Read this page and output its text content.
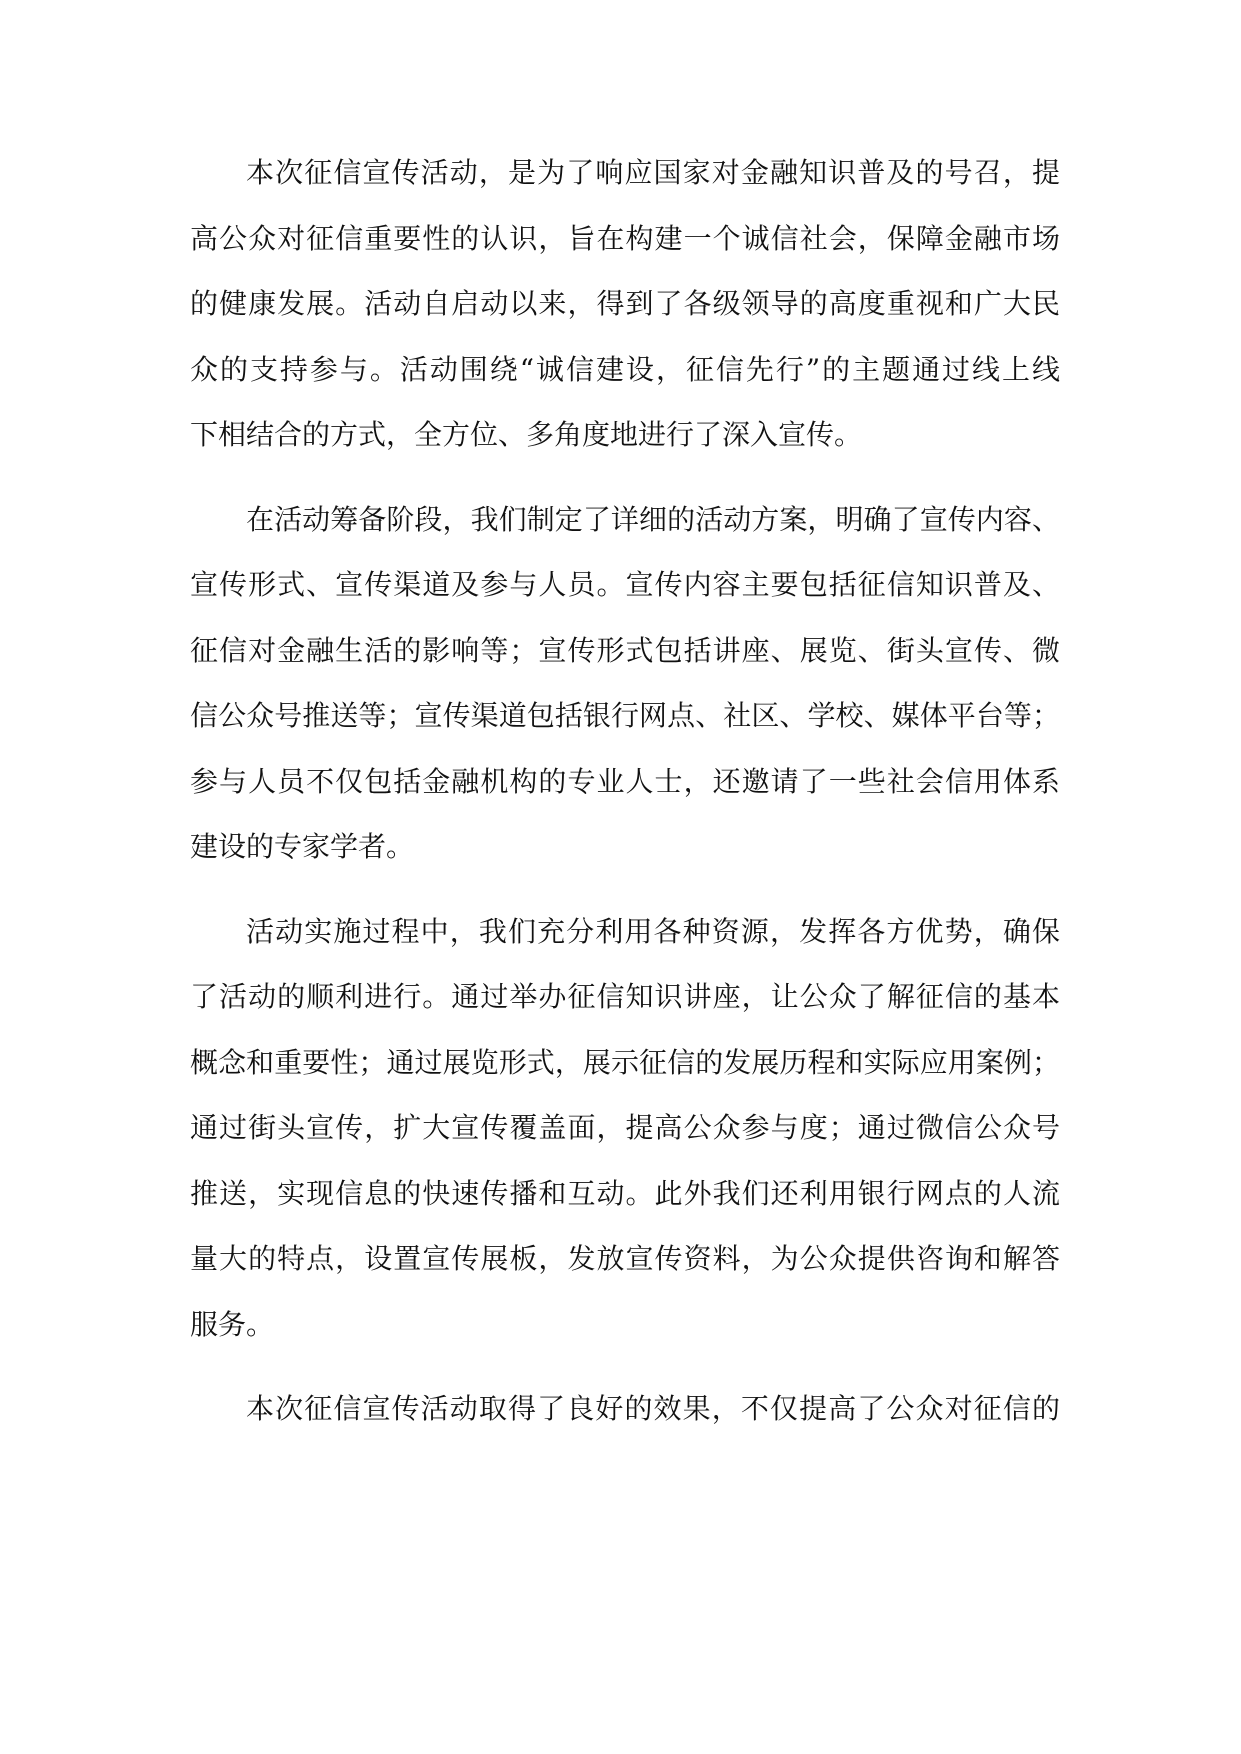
本次征信宣传活动，是为了响应国家对金融知识普及的号召，提
高公众对征信重要性的认识，旨在构建一个诚信社会，保障金融市场
的健康发展。活动自启动以来，得到了各级领导的高度重视和广大民
众的支持参与。活动围绕“诚信建设，征信先行”的主题通过线上线
下相结合的方式，全方位、多角度地进行了深入宣传。

在活动筹备阶段，我们制定了详细的活动方案，明确了宣传内容、
宣传形式、宣传渠道及参与人员。宣传内容主要包括征信知识普及、
征信对金融生活的影响等；宣传形式包括讲座、展览、街头宣传、微
信公众号推送等；宣传渠道包括银行网点、社区、学校、媒体平台等；
参与人员不仅包括金融机构的专业人士，还邀请了一些社会信用体系
建设的专家学者。

活动实施过程中，我们充分利用各种资源，发挥各方优势，确保
了活动的顺利进行。通过举办征信知识讲座，让公众了解征信的基本
概念和重要性；通过展览形式，展示征信的发展历程和实际应用案例；
通过街头宣传，扩大宣传覆盖面，提高公众参与度；通过微信公众号
推送，实现信息的快速传播和互动。此外我们还利用银行网点的人流
量大的特点，设置宣传展板，发放宣传资料，为公众提供咨询和解答
服务。

本次征信宣传活动取得了良好的效果，不仅提高了公众对征信的
